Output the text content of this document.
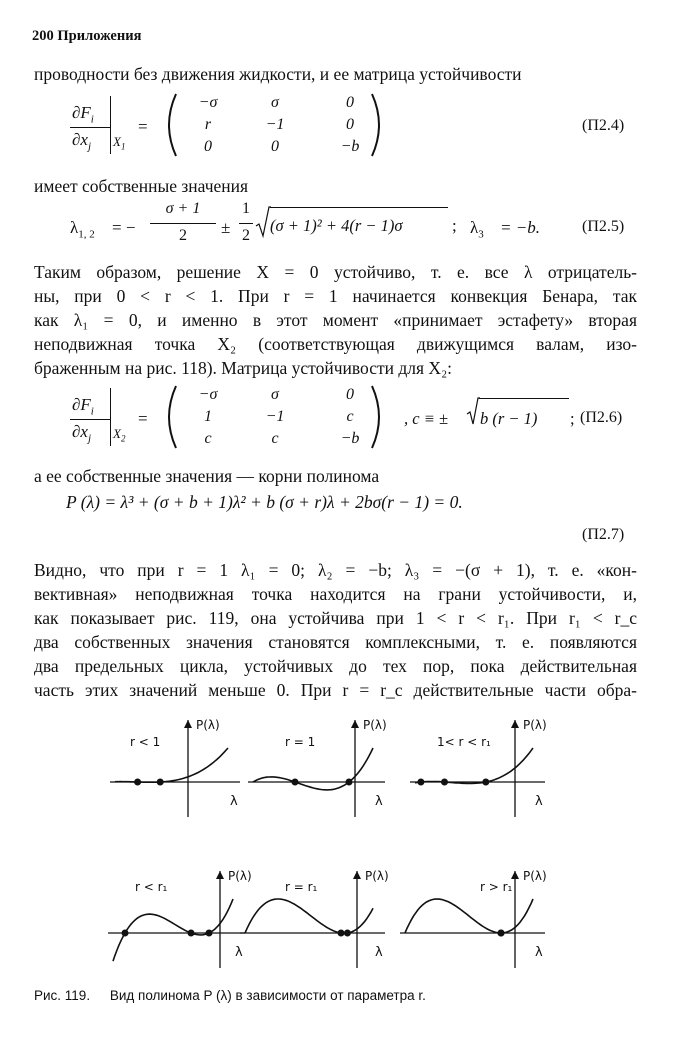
200 Приложения
проводности без движения жидкости, и ее матрица устойчивости
$\partial F_i$
$\partial x_j$ $X_1$
=
−σ	σ	0
r	−1	0
0	0	−b
(П2.4)
имеет собственные значения
$\lambda_{1, 2}$ = −
σ + 1
2	±
1
2
(σ + 1)² + 4(r − 1)σ	; $\lambda_3 = -b$.	(П2.5)
Таким образом, решение X = 0 устойчиво, т. е. все λ отрицатель-
ны, при 0 < r < 1. При r = 1 начинается конвекция Бенара, так
как λ₁ = 0, и именно в этот момент «принимает эстафету» вторая
неподвижная точка X₂ (соответствующая движущимся валам, изо-
браженным на рис. 118). Матрица устойчивости для X₂:
$\partial F_i$
$\partial x_j$ $X_2$
=
−σ	σ	0
1	−1	c
c	c	−b
, c ≡ ± b (r − 1) ; (П2.6)
а ее собственные значения — корни полинома
P (λ) = λ³ + (σ + b + 1)λ² + b (σ + r)λ + 2bσ(r − 1) = 0.
(П2.7)
Видно, что при r = 1 λ₁ = 0; λ₂ = −b; λ₃ = −(σ + 1), т. е. «кон-
вективная» неподвижная точка находится на грани устойчивости, и,
как показывает рис. 119, она устойчива при 1 < r < r₁. При r₁ < r_c
два собственных значения становятся комплексными, т. е. появляются
два предельных цикла, устойчивых до тех пор, пока действительная
часть этих значений меньше 0. При r = r_c действительные части обра-
P(λ)
λ
r < 1
P(λ)
λ
r = 1
P(λ)
λ
1< r < r₁
P(λ)
λ
r < r₁
P(λ)
λ
r = r₁
P(λ)
λ
r > r₁
Рис. 119. Вид полинома P (λ) в зависимости от параметра r.
